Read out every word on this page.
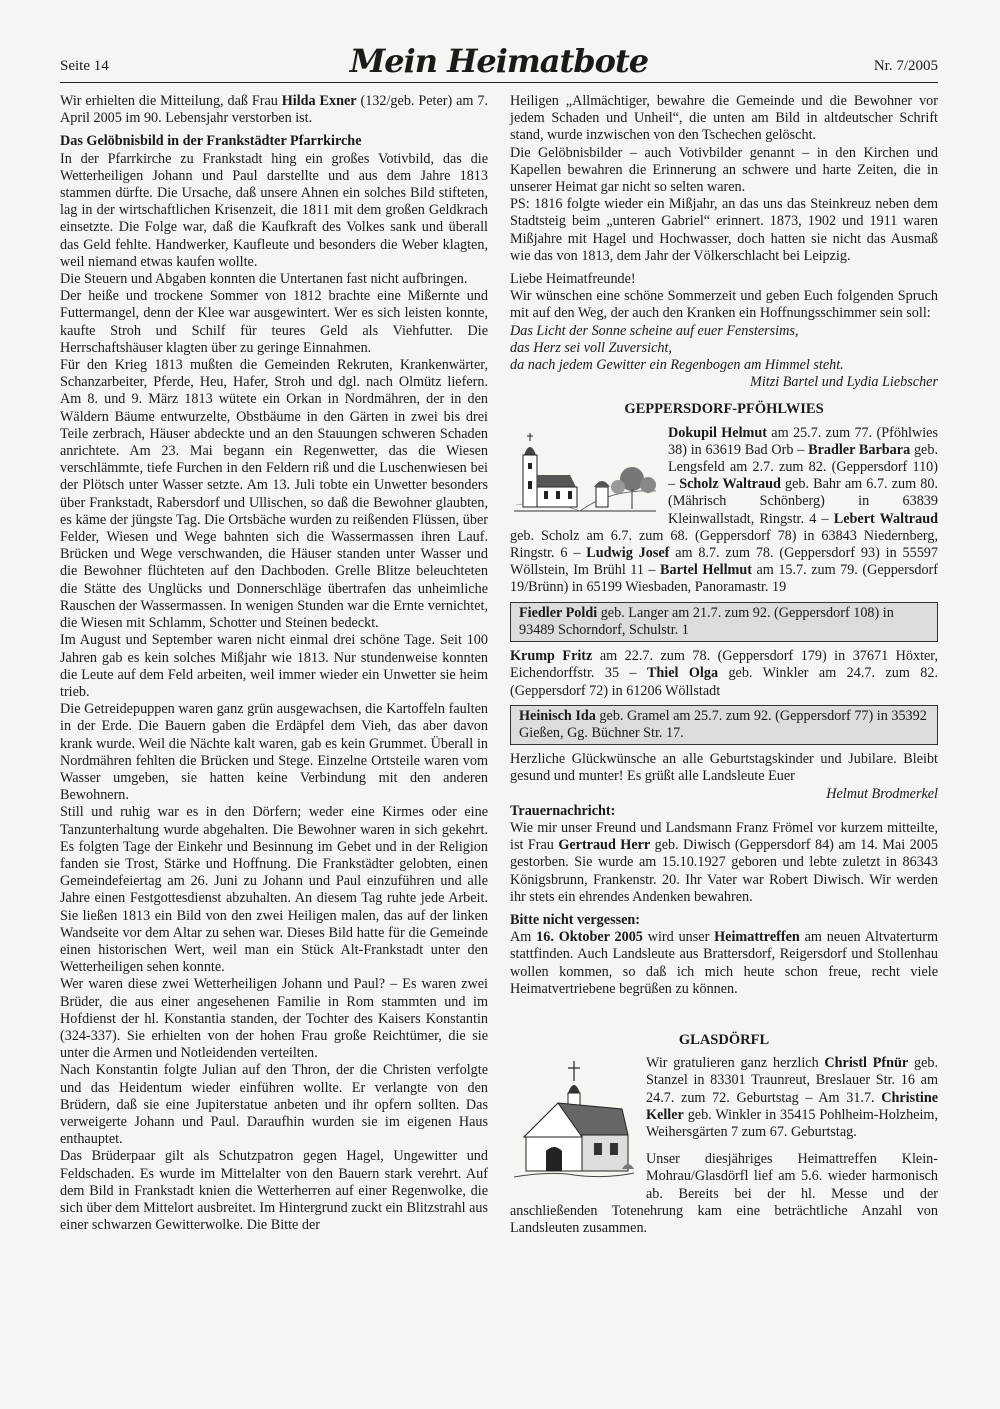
Seite 14	Mein Heimatbote	Nr. 7/2005

Wir erhielten die Mitteilung, daß Frau Hilda Exner (132/geb. Peter) am 7. April 2005 im 90. Lebensjahr verstorben ist.

Das Gelöbnisbild in der Frankstädter Pfarrkirche

In der Pfarrkirche zu Frankstadt hing ein großes Votivbild, das die Wetterheiligen Johann und Paul darstellte und aus dem Jahre 1813 stammen dürfte. Die Ursache, daß unsere Ahnen ein solches Bild stifteten, lag in der wirtschaftlichen Krisenzeit, die 1811 mit dem großen Geldkrach einsetzte. Die Folge war, daß die Kaufkraft des Volkes sank und überall das Geld fehlte. Handwerker, Kaufleute und besonders die Weber klagten, weil niemand etwas kaufen wollte.

Die Steuern und Abgaben konnten die Untertanen fast nicht aufbringen.

Der heiße und trockene Sommer von 1812 brachte eine Mißernte und Futtermangel, denn der Klee war ausgewintert. Wer es sich leisten konnte, kaufte Stroh und Schilf für teures Geld als Viehfutter. Die Herrschaftshäuser klagten über zu geringe Einnahmen.

Für den Krieg 1813 mußten die Gemeinden Rekruten, Krankenwärter, Schanzarbeiter, Pferde, Heu, Hafer, Stroh und dgl. nach Olmütz liefern. Am 8. und 9. März 1813 wütete ein Orkan in Nordmähren, der in den Wäldern Bäume entwurzelte, Obstbäume in den Gärten in zwei bis drei Teile zerbrach, Häuser abdeckte und an den Stauungen schweren Schaden anrichtete. Am 23. Mai begann ein Regenwetter, das die Wiesen verschlämmte, tiefe Furchen in den Feldern riß und die Luschenwiesen bei der Plötsch unter Wasser setzte. Am 13. Juli tobte ein Unwetter besonders über Frankstadt, Rabersdorf und Ullischen, so daß die Bewohner glaubten, es käme der jüngste Tag. Die Ortsbäche wurden zu reißenden Flüssen, über Felder, Wiesen und Wege bahnten sich die Wassermassen ihren Lauf. Brücken und Wege verschwanden, die Häuser standen unter Wasser und die Bewohner flüchteten auf den Dachboden. Grelle Blitze beleuchteten die Stätte des Unglücks und Donnerschläge übertrafen das unheimliche Rauschen der Wassermassen. In wenigen Stunden war die Ernte vernichtet, die Wiesen mit Schlamm, Schotter und Steinen bedeckt.

Im August und September waren nicht einmal drei schöne Tage. Seit 100 Jahren gab es kein solches Mißjahr wie 1813. Nur stundenweise konnten die Leute auf dem Feld arbeiten, weil immer wieder ein Unwetter sie heim trieb.

Die Getreidepuppen waren ganz grün ausgewachsen, die Kartoffeln faulten in der Erde. Die Bauern gaben die Erdäpfel dem Vieh, das aber davon krank wurde. Weil die Nächte kalt waren, gab es kein Grummet. Überall in Nordmähren fehlten die Brücken und Stege. Einzelne Ortsteile waren vom Wasser umgeben, sie hatten keine Verbindung mit den anderen Bewohnern.

Still und ruhig war es in den Dörfern; weder eine Kirmes oder eine Tanzunterhaltung wurde abgehalten. Die Bewohner waren in sich gekehrt. Es folgten Tage der Einkehr und Besinnung im Gebet und in der Religion fanden sie Trost, Stärke und Hoffnung. Die Frankstädter gelobten, einen Gemeindefeiertag am 26. Juni zu Johann und Paul einzuführen und alle Jahre einen Festgottesdienst abzuhalten. An diesem Tag ruhte jede Arbeit. Sie ließen 1813 ein Bild von den zwei Heiligen malen, das auf der linken Wandseite vor dem Altar zu sehen war. Dieses Bild hatte für die Gemeinde einen historischen Wert, weil man ein Stück Alt-Frankstadt unter den Wetterheiligen sehen konnte.

Wer waren diese zwei Wetterheiligen Johann und Paul? – Es waren zwei Brüder, die aus einer angesehenen Familie in Rom stammten und im Hofdienst der hl. Konstantia standen, der Tochter des Kaisers Konstantin (324-337). Sie erhielten von der hohen Frau große Reichtümer, die sie unter die Armen und Notleidenden verteilten.

Nach Konstantin folgte Julian auf den Thron, der die Christen verfolgte und das Heidentum wieder einführen wollte. Er verlangte von den Brüdern, daß sie eine Jupiterstatue anbeten und ihr opfern sollten. Das verweigerte Johann und Paul. Daraufhin wurden sie im eigenen Haus enthauptet.

Das Brüderpaar gilt als Schutzpatron gegen Hagel, Ungewitter und Feldschaden. Es wurde im Mittelalter von den Bauern stark verehrt. Auf dem Bild in Frankstadt knien die Wetterherren auf einer Regenwolke, die sich über dem Mittelort ausbreitet. Im Hintergrund zuckt ein Blitzstrahl aus einer schwarzen Gewitterwolke. Die Bitte der

Heiligen „Allmächtiger, bewahre die Gemeinde und die Bewohner vor jedem Schaden und Unheil“, die unten am Bild in altdeutscher Schrift stand, wurde inzwischen von den Tschechen gelöscht.

Die Gelöbnisbilder – auch Votivbilder genannt – in den Kirchen und Kapellen bewahren die Erinnerung an schwere und harte Zeiten, die in unserer Heimat gar nicht so selten waren.

PS: 1816 folgte wieder ein Mißjahr, an das uns das Steinkreuz neben dem Stadtsteig beim „unteren Gabriel“ erinnert. 1873, 1902 und 1911 waren Mißjahre mit Hagel und Hochwasser, doch hatten sie nicht das Ausmaß wie das von 1813, dem Jahr der Völkerschlacht bei Leipzig.

Liebe Heimatfreunde!

Wir wünschen eine schöne Sommerzeit und geben Euch folgenden Spruch mit auf den Weg, der auch den Kranken ein Hoffnungsschimmer sein soll:

Das Licht der Sonne scheine auf euer Fenstersims,

das Herz sei voll Zuversicht,

da nach jedem Gewitter ein Regenbogen am Himmel steht.

Mitzi Bartel und Lydia Liebscher

GEPPERSDORF-PFÖHLWIES

Dokupil Helmut am 25.7. zum 77. (Pföhlwies 38) in 63619 Bad Orb – Bradler Barbara geb. Lengsfeld am 2.7. zum 82. (Geppersdorf 110) – Scholz Waltraud geb. Bahr am 6.7. zum 80. (Mährisch Schönberg) in 63839 Kleinwallstadt, Ringstr. 4 – Lebert Waltraud geb. Scholz am 6.7. zum 68. (Geppersdorf 78) in 63843 Niedernberg, Ringstr. 6 – Ludwig Josef am 8.7. zum 78. (Geppersdorf 93) in 55597 Wöllstein, Im Brühl 11 – Bartel Hellmut am 15.7. zum 79. (Geppersdorf 19/Brünn) in 65199 Wiesbaden, Panoramastr. 19

Fiedler Poldi geb. Langer am 21.7. zum 92. (Geppersdorf 108) in 93489 Schorndorf, Schulstr. 1

Krump Fritz am 22.7. zum 78. (Geppersdorf 179) in 37671 Höxter, Eichendorffstr. 35 – Thiel Olga geb. Winkler am 24.7. zum 82. (Geppersdorf 72) in 61206 Wöllstadt

Heinisch Ida geb. Gramel am 25.7. zum 92. (Geppersdorf 77) in 35392 Gießen, Gg. Büchner Str. 17.

Herzliche Glückwünsche an alle Geburtstagskinder und Jubilare. Bleibt gesund und munter! Es grüßt alle Landsleute Euer

Helmut Brodmerkel

Trauernachricht:

Wie mir unser Freund und Landsmann Franz Frömel vor kurzem mitteilte, ist Frau Gertraud Herr geb. Diwisch (Geppersdorf 84) am 14. Mai 2005 gestorben. Sie wurde am 15.10.1927 geboren und lebte zuletzt in 86343 Königsbrunn, Frankenstr. 20. Ihr Vater war Robert Diwisch. Wir werden ihr stets ein ehrendes Andenken bewahren.

Bitte nicht vergessen:

Am 16. Oktober 2005 wird unser Heimattreffen am neuen Altvaterturm stattfinden. Auch Landsleute aus Brattersdorf, Reigersdorf und Stollenhau wollen kommen, so daß ich mich heute schon freue, recht viele Heimatvertriebene begrüßen zu können.

GLASDÖRFL

Wir gratulieren ganz herzlich Christl Pfnür geb. Stanzel in 83301 Traunreut, Breslauer Str. 16 am 24.7. zum 72. Geburtstag – Am 31.7. Christine Keller geb. Winkler in 35415 Pohlheim-Holzheim, Weihersgärten 7 zum 67. Geburtstag.

Unser diesjähriges Heimattreffen Klein-Mohrau/Glasdörfl lief am 5.6. wieder harmonisch ab. Bereits bei der hl. Messe und der anschließenden Totenehrung kam eine beträchtliche Anzahl von Landsleuten zusammen.
